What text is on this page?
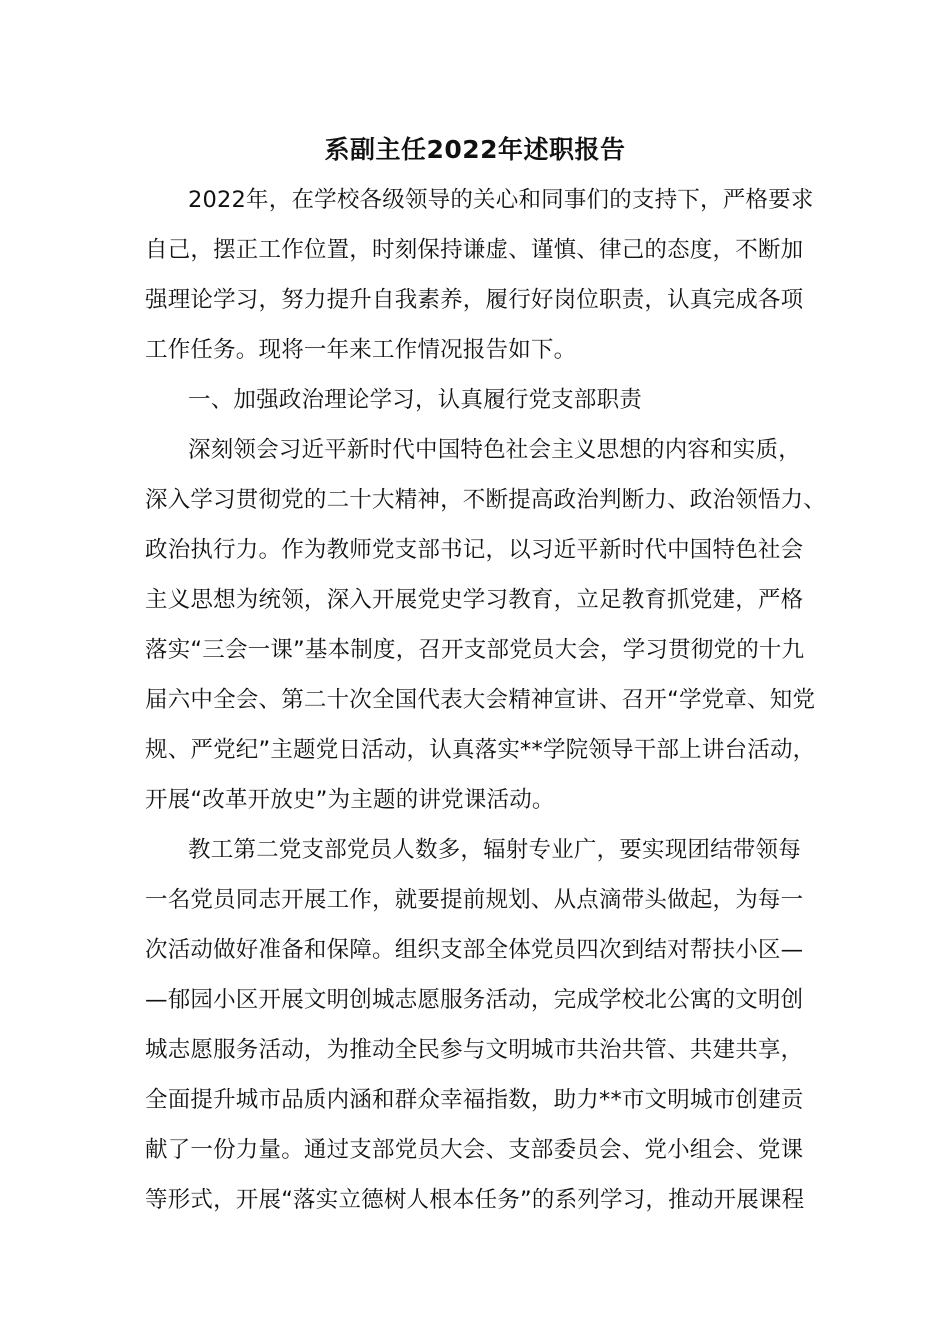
系副主任2022年述职报告
2022年，在学校各级领导的关心和同事们的支持下，严格要求
自己，摆正工作位置，时刻保持谦虚、谨慎、律己的态度，不断加
强理论学习，努力提升自我素养，履行好岗位职责，认真完成各项
工作任务。现将一年来工作情况报告如下。
一、加强政治理论学习，认真履行党支部职责
深刻领会习近平新时代中国特色社会主义思想的内容和实质，
深入学习贯彻党的二十大精神，不断提高政治判断力、政治领悟力、
政治执行力。作为教师党支部书记，以习近平新时代中国特色社会
主义思想为统领，深入开展党史学习教育，立足教育抓党建，严格
落实“三会一课”基本制度，召开支部党员大会，学习贯彻党的十九
届六中全会、第二十次全国代表大会精神宣讲、召开“学党章、知党
规、严党纪”主题党日活动，认真落实**学院领导干部上讲台活动，
开展“改革开放史”为主题的讲党课活动。
教工第二党支部党员人数多，辐射专业广，要实现团结带领每
一名党员同志开展工作，就要提前规划、从点滴带头做起，为每一
次活动做好准备和保障。组织支部全体党员四次到结对帮扶小区—
—郁园小区开展文明创城志愿服务活动，完成学校北公寓的文明创
城志愿服务活动，为推动全民参与文明城市共治共管、共建共享，
全面提升城市品质内涵和群众幸福指数，助力**市文明城市创建贡
献了一份力量。通过支部党员大会、支部委员会、党小组会、党课
等形式，开展“落实立德树人根本任务”的系列学习，推动开展课程
